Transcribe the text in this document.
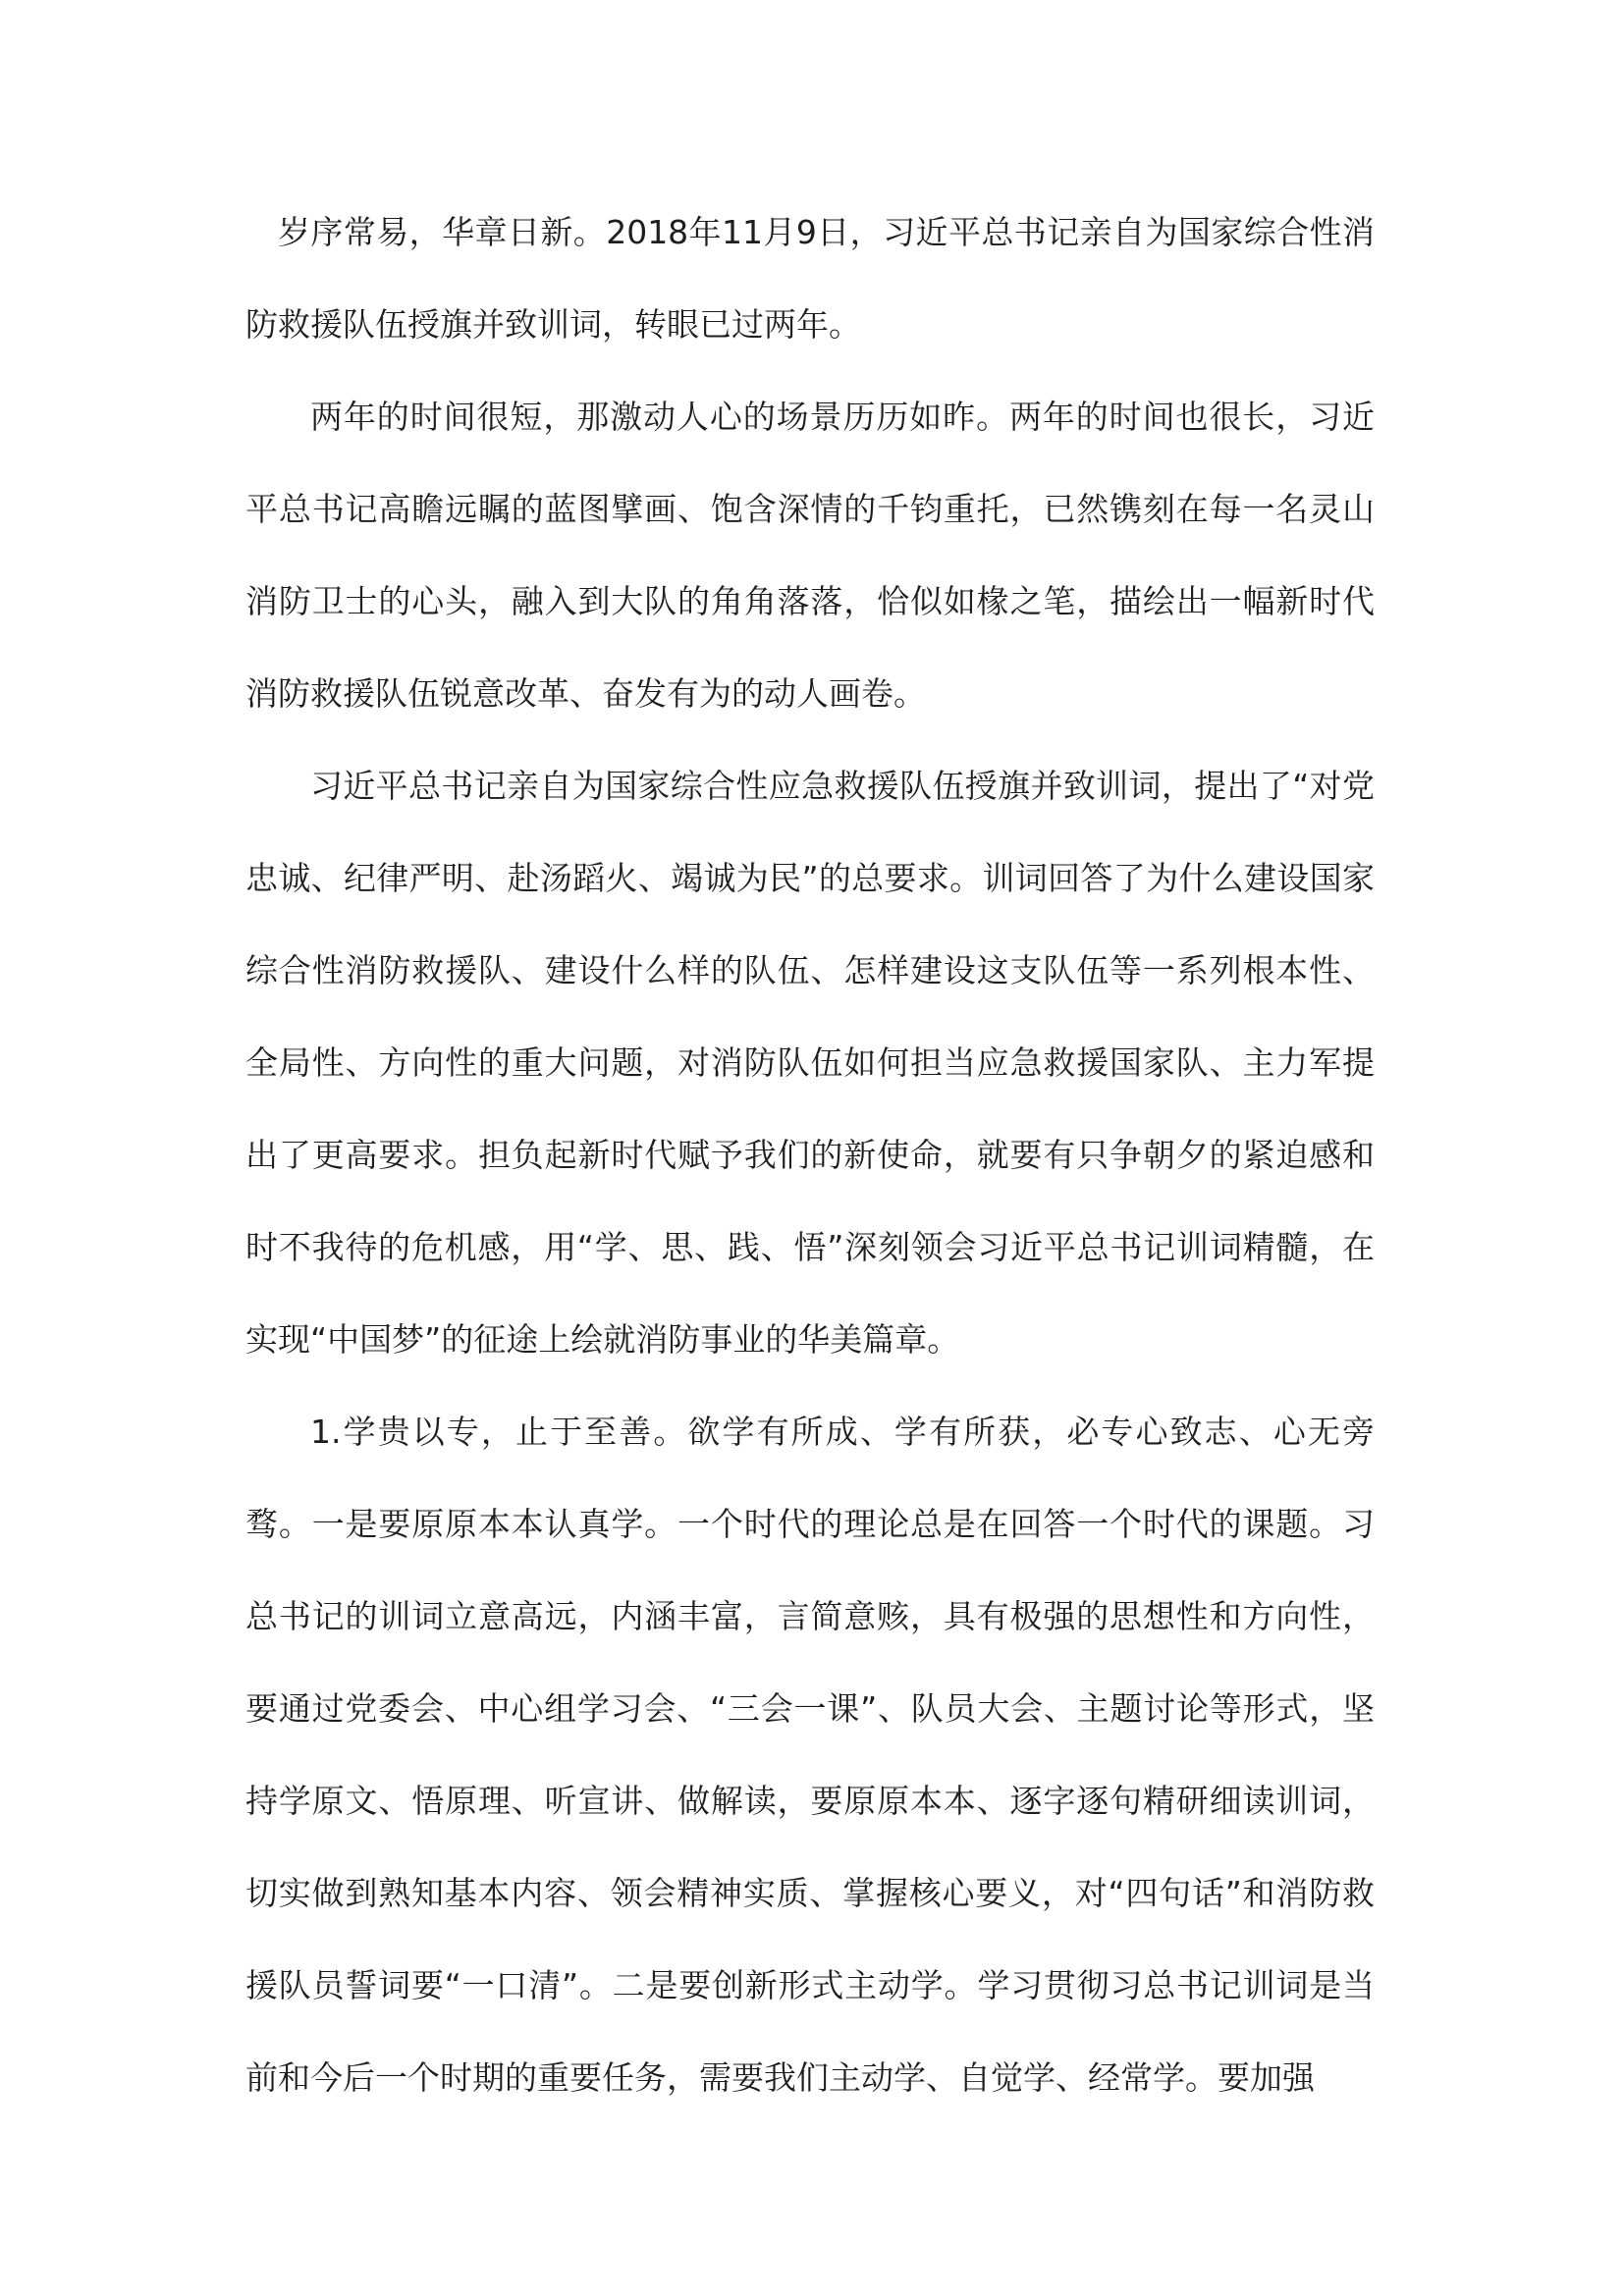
岁序常易，华章日新。2018年11月9日，习近平总书记亲自为国家综合性消防救援队伍授旗并致训词，转眼已过两年。

两年的时间很短，那激动人心的场景历历如昨。两年的时间也很长，习近平总书记高瞻远瞩的蓝图擘画、饱含深情的千钧重托，已然镌刻在每一名灵山消防卫士的心头，融入到大队的角角落落，恰似如椽之笔，描绘出一幅新时代消防救援队伍锐意改革、奋发有为的动人画卷。

习近平总书记亲自为国家综合性应急救援队伍授旗并致训词，提出了“对党忠诚、纪律严明、赴汤蹈火、竭诚为民”的总要求。训词回答了为什么建设国家综合性消防救援队、建设什么样的队伍、怎样建设这支队伍等一系列根本性、全局性、方向性的重大问题，对消防队伍如何担当应急救援国家队、主力军提出了更高要求。担负起新时代赋予我们的新使命，就要有只争朝夕的紧迫感和时不我待的危机感，用“学、思、践、悟”深刻领会习近平总书记训词精髓，在实现“中国梦”的征途上绘就消防事业的华美篇章。

1.学贵以专，止于至善。欲学有所成、学有所获，必专心致志、心无旁骛。一是要原原本本认真学。一个时代的理论总是在回答一个时代的课题。习总书记的训词立意高远，内涵丰富，言简意赅，具有极强的思想性和方向性，要通过党委会、中心组学习会、“三会一课”、队员大会、主题讨论等形式，坚持学原文、悟原理、听宣讲、做解读，要原原本本、逐字逐句精研细读训词，切实做到熟知基本内容、领会精神实质、掌握核心要义，对“四句话”和消防救援队员誓词要“一口清”。二是要创新形式主动学。学习贯彻习总书记训词是当前和今后一个时期的重要任务，需要我们主动学、自觉学、经常学。要加强
